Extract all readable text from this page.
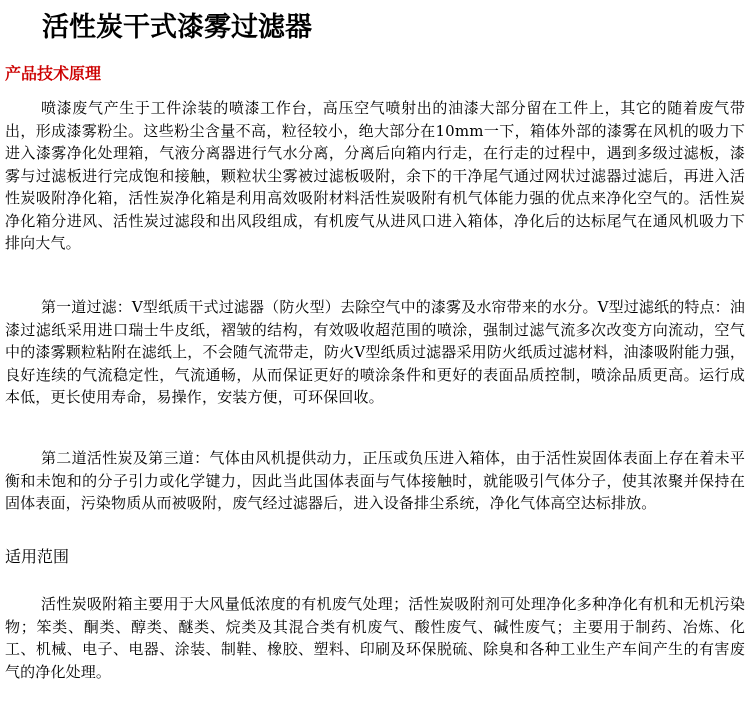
活性炭干式漆雾过滤器
产品技术原理

喷漆废气产生于工件涂装的喷漆工作台，高压空气喷射出的油漆大部分留在工件上，其它的随着废气带出，形成漆雾粉尘。这些粉尘含量不高，粒径较小，绝大部分在10mm一下，箱体外部的漆雾在风机的吸力下进入漆雾净化处理箱，气液分离器进行气水分离，分离后向箱内行走，在行走的过程中，遇到多级过滤板，漆雾与过滤板进行完成饱和接触，颗粒状尘雾被过滤板吸附，余下的干净尾气通过网状过滤器过滤后，再进入活性炭吸附净化箱，活性炭净化箱是利用高效吸附材料活性炭吸附有机气体能力强的优点来净化空气的。活性炭净化箱分进风、活性炭过滤段和出风段组成，有机废气从进风口进入箱体，净化后的达标尾气在通风机吸力下排向大气。

第一道过滤：V型纸质干式过滤器（防火型）去除空气中的漆雾及水帘带来的水分。V型过滤纸的特点：油漆过滤纸采用进口瑞士牛皮纸，褶皱的结构，有效吸收超范围的喷涂，强制过滤气流多次改变方向流动，空气中的漆雾颗粒粘附在滤纸上，不会随气流带走，防火V型纸质过滤器采用防火纸质过滤材料，油漆吸附能力强，良好连续的气流稳定性，气流通畅，从而保证更好的喷涂条件和更好的表面品质控制，喷涂品质更高。运行成本低，更长使用寿命，易操作，安装方便，可环保回收。

第二道活性炭及第三道：气体由风机提供动力，正压或负压进入箱体，由于活性炭固体表面上存在着未平衡和未饱和的分子引力或化学键力，因此当此国体表面与气体接触时，就能吸引气体分子，使其浓聚并保持在固体表面，污染物质从而被吸附，废气经过滤器后，进入设备排尘系统，净化气体高空达标排放。

适用范围

活性炭吸附箱主要用于大风量低浓度的有机废气处理；活性炭吸附剂可处理净化多种净化有机和无机污染物；笨类、酮类、醇类、醚类、烷类及其混合类有机废气、酸性废气、碱性废气；主要用于制药、冶炼、化工、机械、电子、电器、涂装、制鞋、橡胶、塑料、印刷及环保脱硫、除臭和各种工业生产车间产生的有害废气的净化处理。
